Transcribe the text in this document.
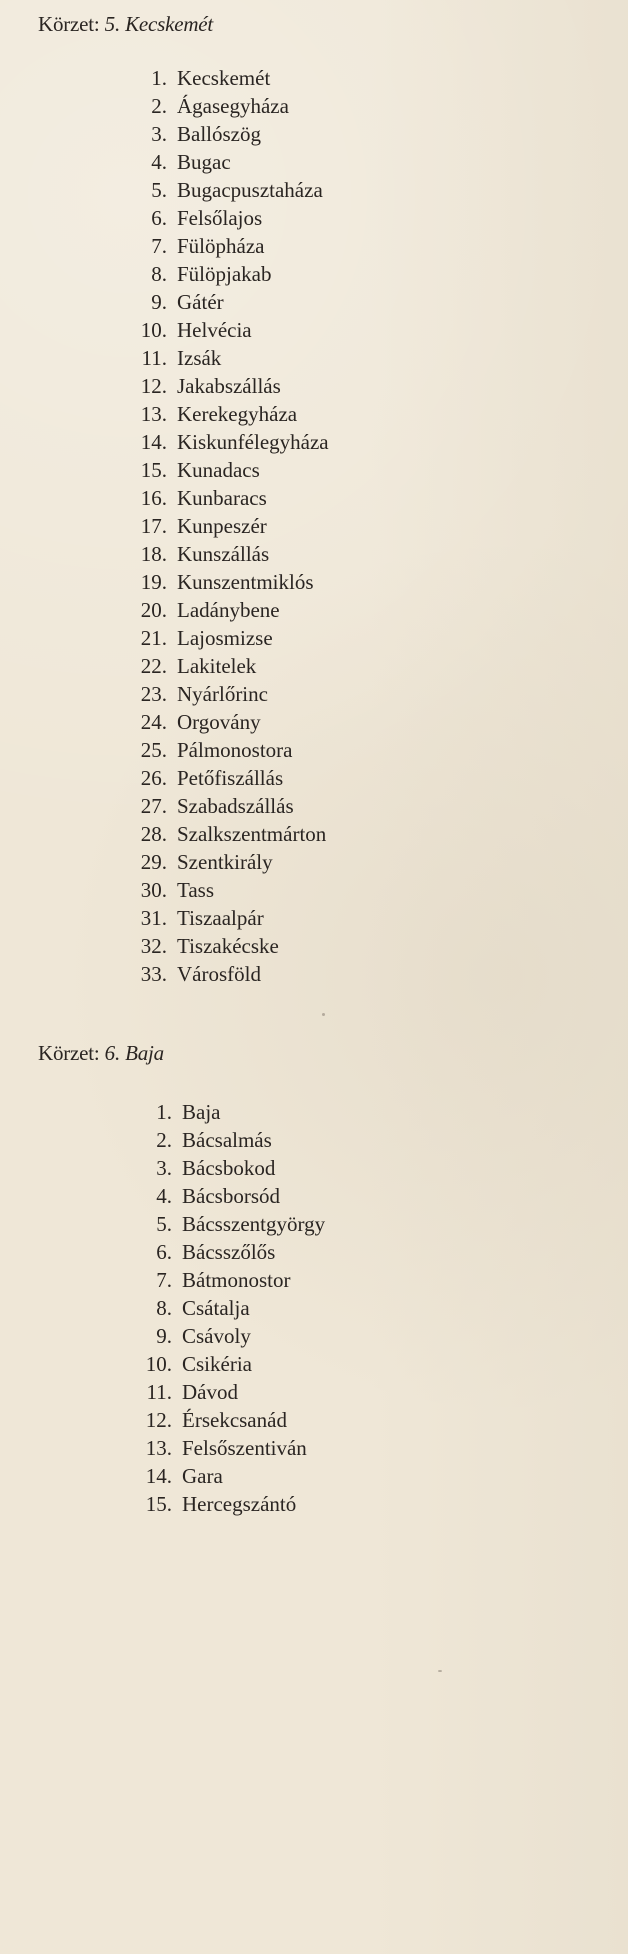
Körzet: 5. Kecskemét
1. Kecskemét
2. Ágasegyháza
3. Ballószög
4. Bugac
5. Bugacpusztaháza
6. Felsőlajos
7. Fülöpháza
8. Fülöpjakab
9. Gátér
10. Helvécia
11. Izsák
12. Jakabszállás
13. Kerekegyháza
14. Kiskunfélegyháza
15. Kunadacs
16. Kunbaracs
17. Kunpeszér
18. Kunszállás
19. Kunszentmiklós
20. Ladánybene
21. Lajosmizse
22. Lakitelek
23. Nyárlőrinc
24. Orgovány
25. Pálmonostora
26. Petőfiszállás
27. Szabadszállás
28. Szalkszentmárton
29. Szentkirály
30. Tass
31. Tiszaalpár
32. Tiszakécske
33. Városföld
Körzet: 6. Baja
1. Baja
2. Bácsalmás
3. Bácsbokod
4. Bácsborsód
5. Bácsszentgyörgy
6. Bácsszőlős
7. Bátmonostor
8. Csátalja
9. Csávoly
10. Csikéria
11. Dávod
12. Érsekcsanád
13. Felsőszentiván
14. Gara
15. Hercegszántó
